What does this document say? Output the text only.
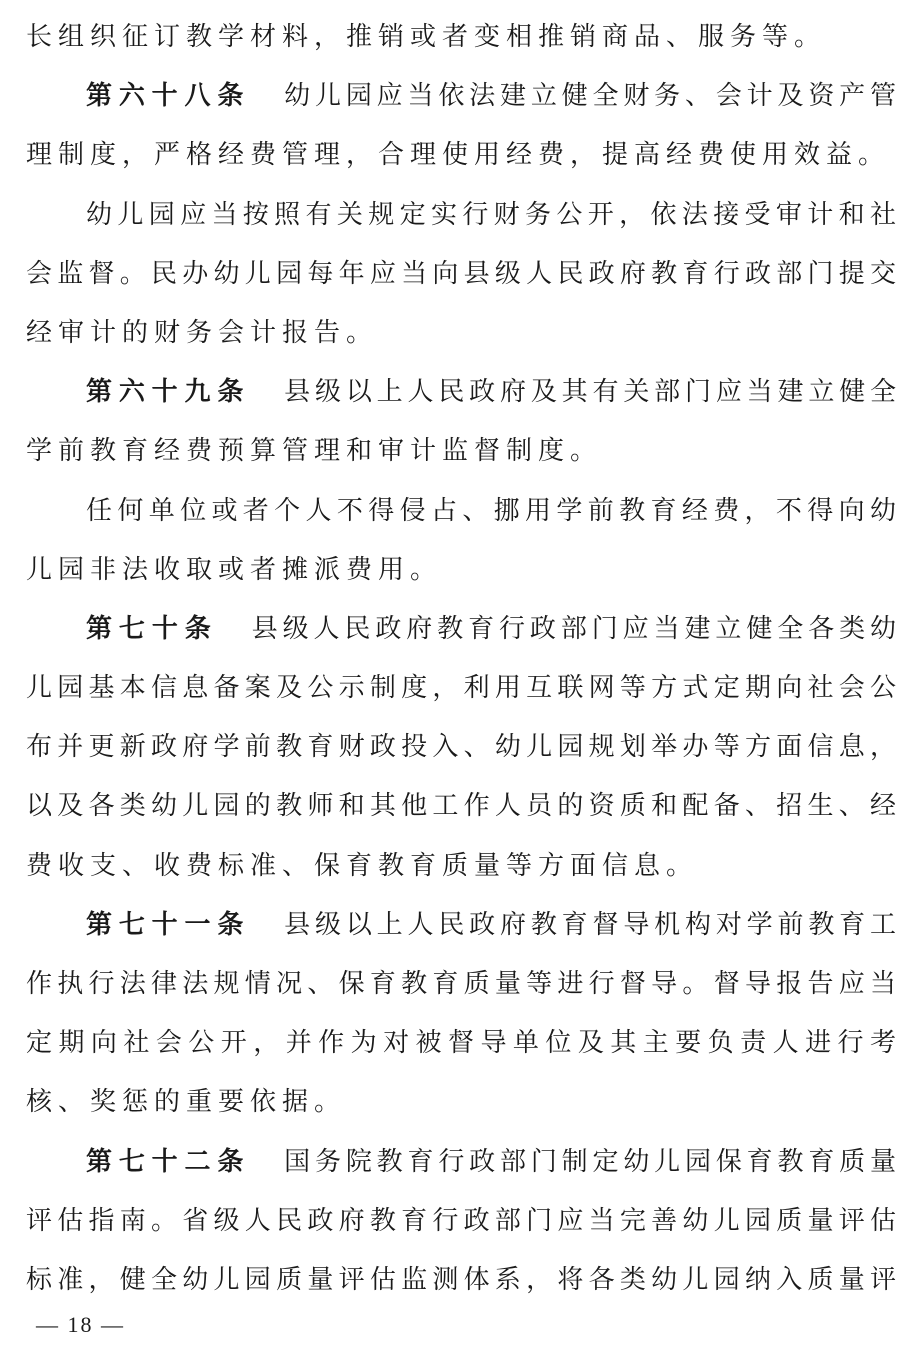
长组织征订教学材料，推销或者变相推销商品、服务等。
第六十八条 幼儿园应当依法建立健全财务、会计及资产管
理制度，严格经费管理，合理使用经费，提高经费使用效益。
幼儿园应当按照有关规定实行财务公开，依法接受审计和社
会监督。民办幼儿园每年应当向县级人民政府教育行政部门提交
经审计的财务会计报告。
第六十九条 县级以上人民政府及其有关部门应当建立健全
学前教育经费预算管理和审计监督制度。
任何单位或者个人不得侵占、挪用学前教育经费，不得向幼
儿园非法收取或者摊派费用。
第七十条 县级人民政府教育行政部门应当建立健全各类幼
儿园基本信息备案及公示制度，利用互联网等方式定期向社会公
布并更新政府学前教育财政投入、幼儿园规划举办等方面信息，
以及各类幼儿园的教师和其他工作人员的资质和配备、招生、经
费收支、收费标准、保育教育质量等方面信息。
第七十一条 县级以上人民政府教育督导机构对学前教育工
作执行法律法规情况、保育教育质量等进行督导。督导报告应当
定期向社会公开，并作为对被督导单位及其主要负责人进行考
核、奖惩的重要依据。
第七十二条 国务院教育行政部门制定幼儿园保育教育质量
评估指南。省级人民政府教育行政部门应当完善幼儿园质量评估
标准，健全幼儿园质量评估监测体系，将各类幼儿园纳入质量评
— 18 —
